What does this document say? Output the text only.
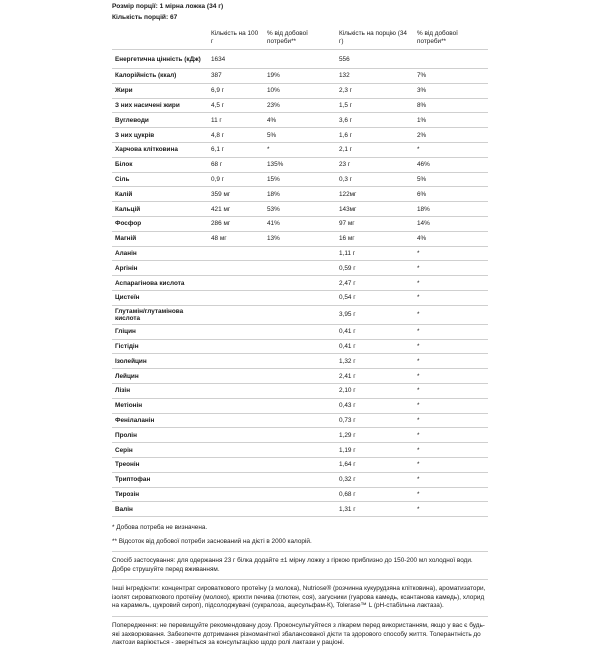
Розмір порції: 1 мірна ложка (34 г)
Кількість порцій: 67
	Кількість на 100 г	% від добової потреби**	Кількість на порцію (34 г)	% від добової потреби**
Енергетична цінність (кДж)	1634		556	
Калорійність (ккал)	387	19%	132	7%
Жири	6,9 г	10%	2,3 г	3%
З них насичені жири	4,5 г	23%	1,5 г	8%
Вуглеводи	11 г	4%	3,6 г	1%
З них цукрів	4,8 г	5%	1,6 г	2%
Харчова клітковина	6,1 г	*	2,1 г	*
Білок	68 г	135%	23 г	46%
Сіль	0,9 г	15%	0,3 г	5%
Калій	359 мг	18%	122мг	6%
Кальцій	421 мг	53%	143мг	18%
Фосфор	286 мг	41%	97 мг	14%
Магній	48 мг	13%	16 мг	4%
Аланін			1,11 г	*
Аргінін			0,59 г	*
Аспарагінова кислота			2,47 г	*
Цистеїн			0,54 г	*
Глутамін/глутамінова кислота			3,95 г	*
Гліцин			0,41 г	*
Гістідін			0,41 г	*
Ізолейцин			1,32 г	*
Лейцин			2,41 г	*
Лізін			2,10 г	*
Метіонін			0,43 г	*
Фенілаланін			0,73 г	*
Пролін			1,29 г	*
Серін			1,19 г	*
Треонін			1,64 г	*
Триптофан			0,32 г	*
Тирозін			0,68 г	*
Валін			1,31 г	*
* Добова потреба не визначена.
** Відсоток від добової потреби заснований на дієті в 2000 калорій.
Спосіб застосування: для одержання 23 г білка додайте ±1 мірну ложку з гіркою приблизно до 150-200 мл холодної води. Добре струшуйте перед вживанням.
Інші інгредієнти: концентрат сироваткового протеїну (з молока), Nutriose® (розчинна кукурудзяна клітковина), ароматизатори, ізолят сироваткового протеїну (молоко), крихти печива (глютен, соя), загусники (гуарова камедь, ксантанова камедь), хлорид на карамель, цукровий сироп), підсолоджувачі (сукралоза, ацесульфам-К), Tolerase™ L (рН-стабільна лактаза).
Попередження: не перевищуйте рекомендовану дозу. Проконсультуйтеся з лікарем перед використанням, якщо у вас є будь-які захворювання. Забезпечте дотримання різноманітної збалансованої дієти та здорового способу життя. Толерантність до лактози варіюється - зверніться за консультацією щодо ролі лактази у раціоні.
